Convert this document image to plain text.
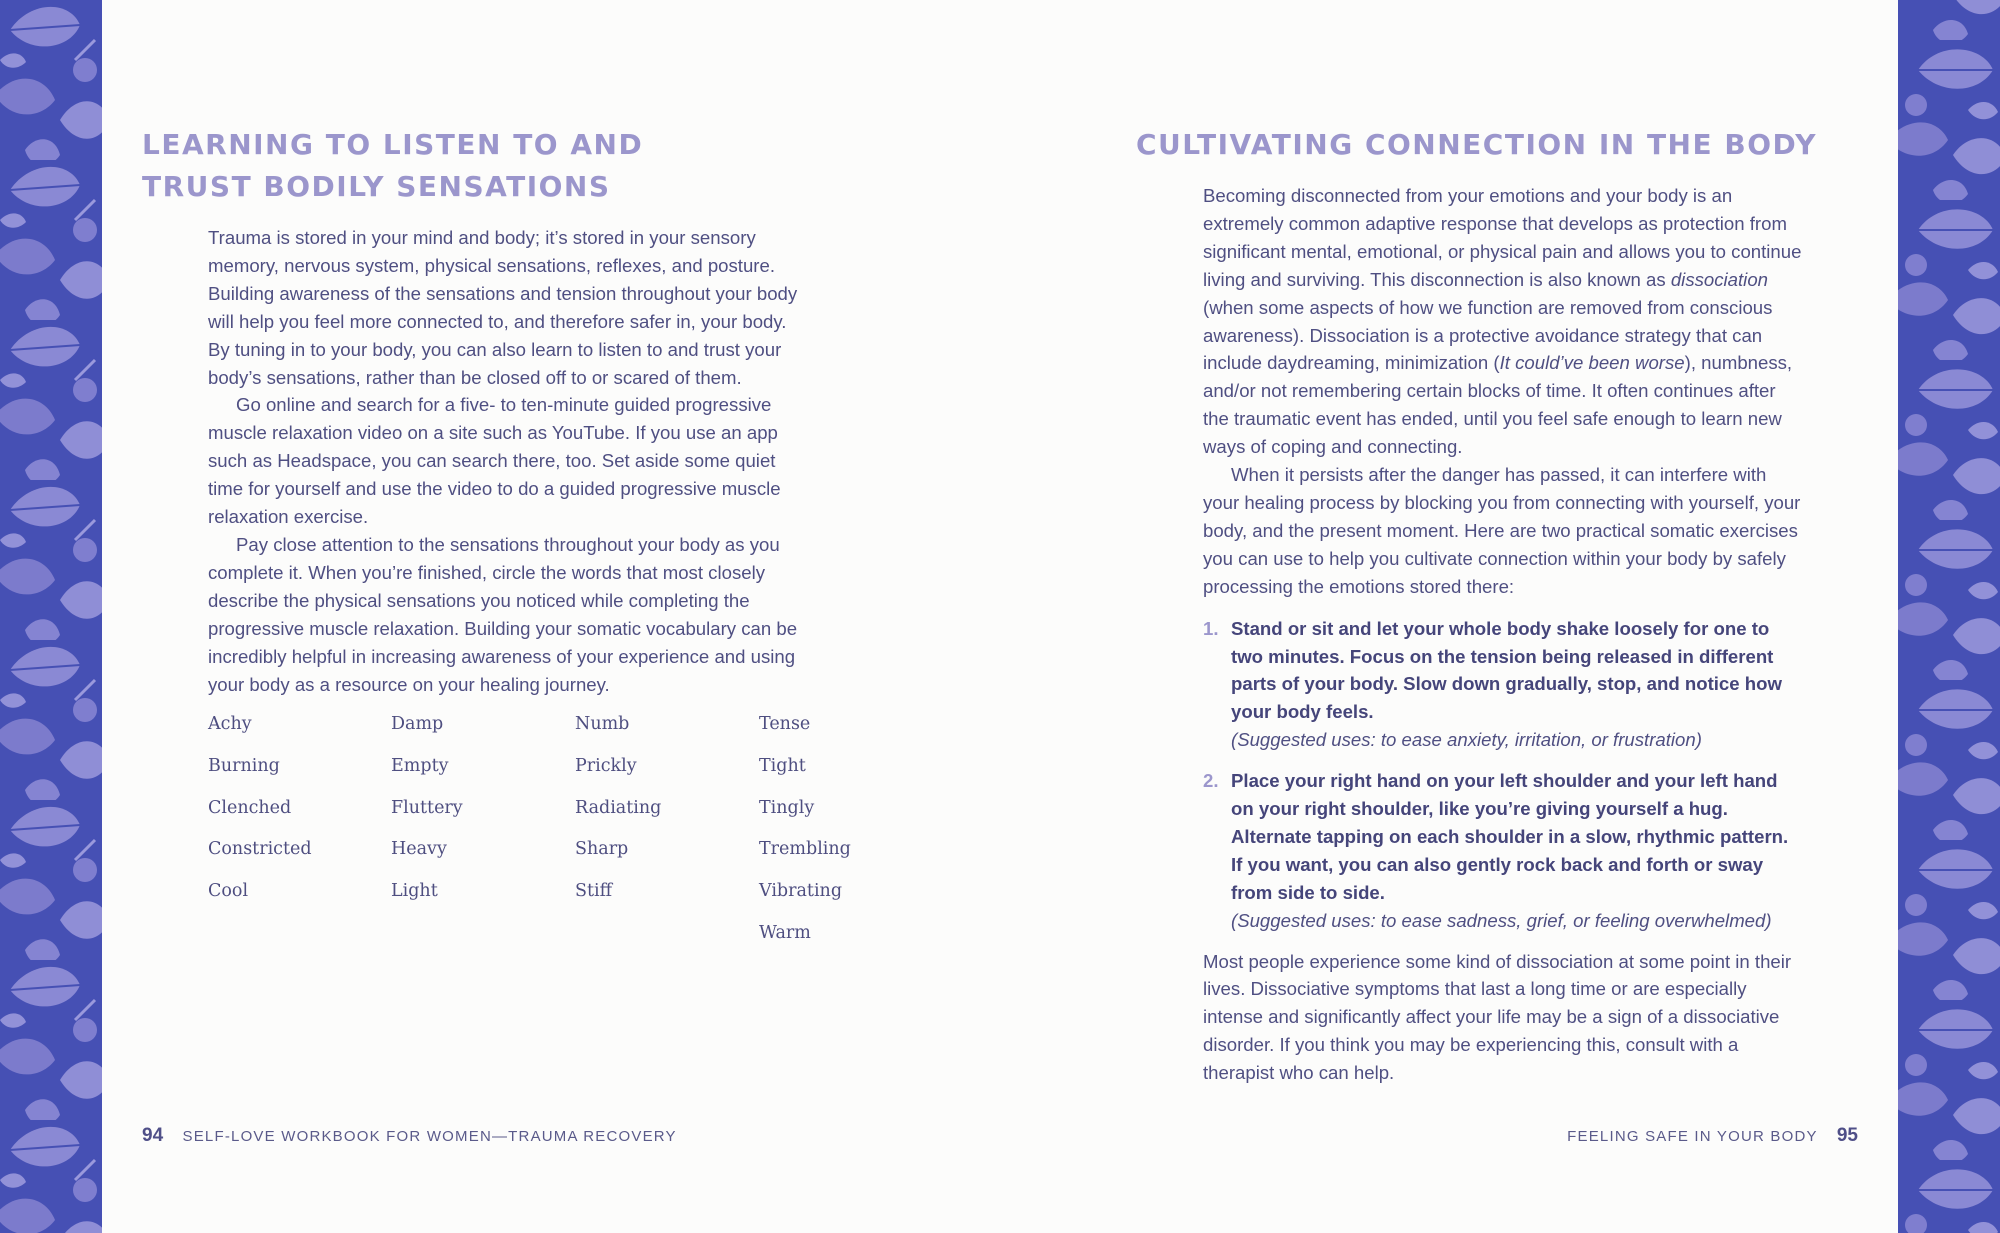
LEARNING TO LISTEN TO AND
TRUST BODILY SENSATIONS

Trauma is stored in your mind and body; it’s stored in your sensory memory, nervous system, physical sensations, reflexes, and posture. Building awareness of the sensations and tension throughout your body will help you feel more connected to, and therefore safer in, your body. By tuning in to your body, you can also learn to listen to and trust your body’s sensations, rather than be closed off to or scared of them.

Go online and search for a five- to ten-minute guided progressive muscle relaxation video on a site such as YouTube. If you use an app such as Headspace, you can search there, too. Set aside some quiet time for yourself and use the video to do a guided progressive muscle relaxation exercise.

Pay close attention to the sensations throughout your body as you complete it. When you’re finished, circle the words that most closely describe the physical sensations you noticed while completing the progressive muscle relaxation. Building your somatic vocabulary can be incredibly helpful in increasing awareness of your experience and using your body as a resource on your healing journey.

Achy
Burning
Clenched
Constricted
Cool
Damp
Empty
Fluttery
Heavy
Light
Numb
Prickly
Radiating
Sharp
Stiff
Tense
Tight
Tingly
Trembling
Vibrating
Warm
94 SELF-LOVE WORKBOOK FOR WOMEN—TRAUMA RECOVERY
CULTIVATING CONNECTION IN THE BODY

Becoming disconnected from your emotions and your body is an extremely common adaptive response that develops as protection from significant mental, emotional, or physical pain and allows you to continue living and surviving. This disconnection is also known as dissociation (when some aspects of how we function are removed from conscious awareness). Dissociation is a protective avoidance strategy that can include daydreaming, minimization (It could’ve been worse), numbness, and/or not remembering certain blocks of time. It often continues after the traumatic event has ended, until you feel safe enough to learn new ways of coping and connecting.

When it persists after the danger has passed, it can interfere with your healing process by blocking you from connecting with yourself, your body, and the present moment. Here are two practical somatic exercises you can use to help you cultivate connection within your body by safely processing the emotions stored there:

1. Stand or sit and let your whole body shake loosely for one to two minutes. Focus on the tension being released in different parts of your body. Slow down gradually, stop, and notice how your body feels.
(Suggested uses: to ease anxiety, irritation, or frustration)
2. Place your right hand on your left shoulder and your left hand on your right shoulder, like you’re giving yourself a hug. Alternate tapping on each shoulder in a slow, rhythmic pattern. If you want, you can also gently rock back and forth or sway from side to side.
(Suggested uses: to ease sadness, grief, or feeling overwhelmed)

Most people experience some kind of dissociation at some point in their lives. Dissociative symptoms that last a long time or are especially intense and significantly affect your life may be a sign of a dissociative disorder. If you think you may be experiencing this, consult with a therapist who can help.

FEELING SAFE IN YOUR BODY 95
